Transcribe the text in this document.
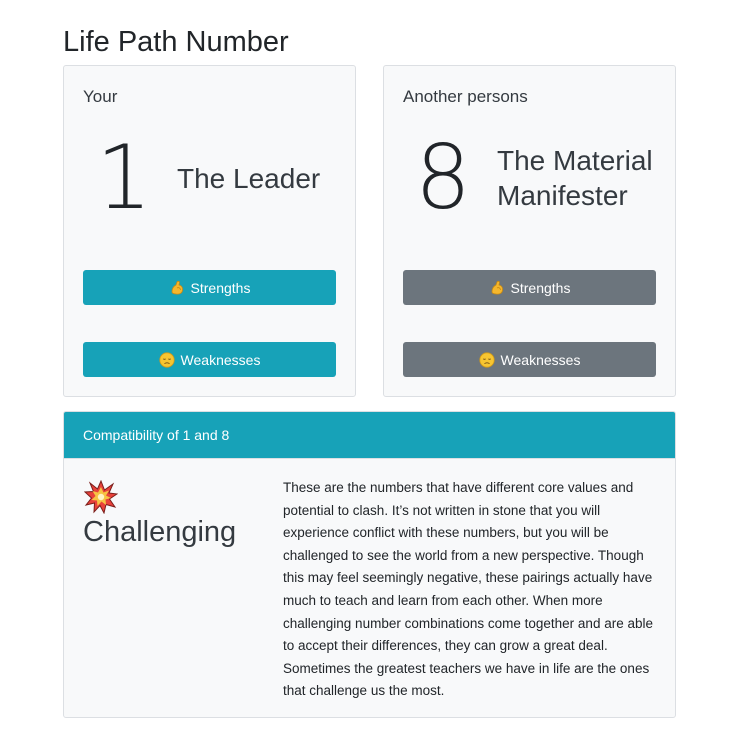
Life Path Number
Your
1 The Leader
Strengths
Weaknesses
Another persons
8 The Material
Manifester
Strengths
Weaknesses
Compatibility of 1 and 8
Challenging

These are the numbers that have different core values and potential to clash. It’s not written in stone that you will experience conflict with these numbers, but you will be challenged to see the world from a new perspective. Though this may feel seemingly negative, these pairings actually have much to teach and learn from each other. When more challenging number combinations come together and are able to accept their differences, they can grow a great deal. Sometimes the greatest teachers we have in life are the ones that challenge us the most.
